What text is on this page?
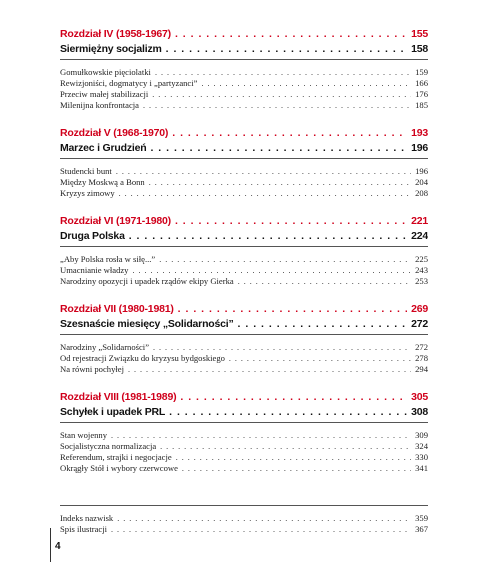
Rozdział IV (1958-1967) . . .	155
Siermiężny socjalizm . . .	158
Gomułkowskie pięciolatki . . .	159
Rewizjoniści, dogmatycy i „partyzanci” . . .	166
Przeciw małej stabilizacji . . .	176
Milenijna konfrontacja . . .	185
Rozdział V (1968-1970) . . .	193
Marzec i Grudzień . . .	196
Studencki bunt . . .	196
Między Moskwą a Bonn . . .	204
Kryzys zimowy . . .	208
Rozdział VI (1971-1980) . . .	221
Druga Polska . . .	224
„Aby Polska rosła w siłę...” . . .	225
Umacnianie władzy . . .	243
Narodziny opozycji i upadek rządów ekipy Gierka . . .	253
Rozdział VII (1980-1981) . . .	269
Szesnaście miesięcy „Solidarności” . . .	272
Narodziny „Solidarności” . . .	272
Od rejestracji Związku do kryzysu bydgoskiego . . .	278
Na równi pochyłej . . .	294
Rozdział VIII (1981-1989) . . .	305
Schyłek i upadek PRL . . .	308
Stan wojenny . . .	309
Socjalistyczna normalizacja . . .	324
Referendum, strajki i negocjacje . . .	330
Okrągły Stół i wybory czerwcowe . . .	341
Indeks nazwisk . . .	359
Spis ilustracji . . .	367
4
